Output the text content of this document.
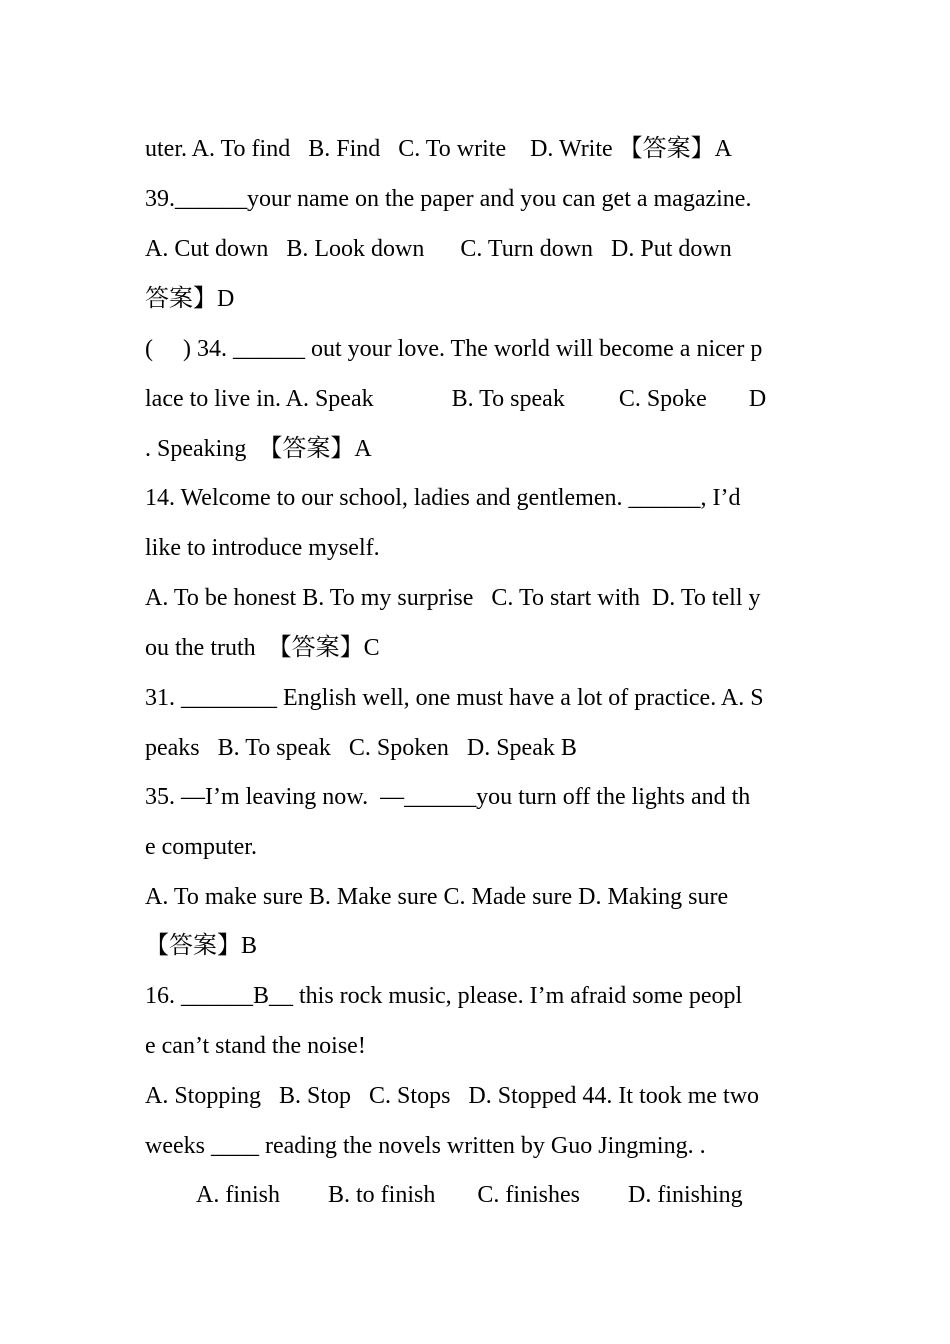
uter. A. To find   B. Find   C. To write    D. Write 【答案】A
39.______your name on the paper and you can get a magazine.
A. Cut down   B. Look down      C. Turn down   D. Put down
答案】D
(     ) 34. ______ out your love. The world will become a nicer p
lace to live in. A. Speak             B. To speak         C. Spoke       D
. Speaking  【答案】A
14. Welcome to our school, ladies and gentlemen. ______, I’d
like to introduce myself.
A. To be honest B. To my surprise   C. To start with  D. To tell y
ou the truth  【答案】C
31. ________ English well, one must have a lot of practice. A. S
peaks   B. To speak   C. Spoken   D. Speak B
35. —I’m leaving now.  —______you turn off the lights and th
e computer.
A. To make sure B. Make sure C. Made sure D. Making sure
【答案】B
16. ______B__ this rock music, please. I’m afraid some peopl
e can’t stand the noise!
A. Stopping   B. Stop   C. Stops   D. Stopped 44. It took me two
weeks ____ reading the novels written by Guo Jingming. .
A. finish        B. to finish       C. finishes        D. finishing
